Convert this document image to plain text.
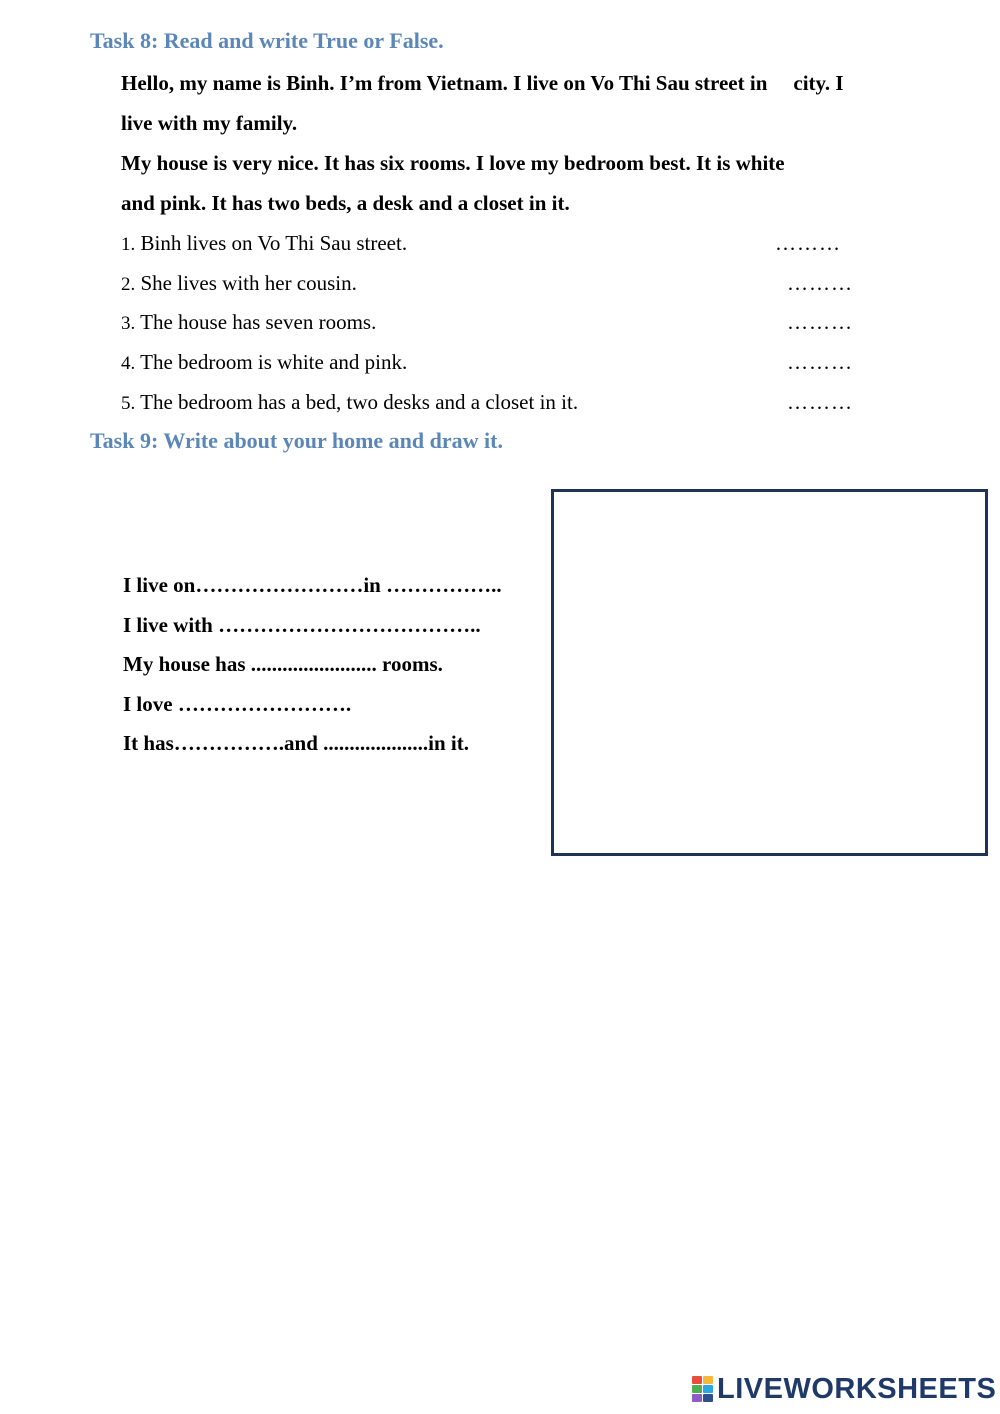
Task 8: Read and write True or False.
Hello, my name is Binh. I’m from Vietnam. I live on Vo Thi Sau street in city. I
live with my family.
My house is very nice. It has six rooms. I love my bedroom best. It is white
and pink. It has two beds, a desk and a closet in it.
1. Binh lives on Vo Thi Sau street.	………
2. She lives with her cousin.	………
3. The house has seven rooms.	………
4. The bedroom is white and pink.	………
5. The bedroom has a bed, two desks and a closet in it.	………
Task 9: Write about your home and draw it.
I live on……………………in ……………..
I live with ………………………………..
My house has ........................ rooms.
I love …………………….
It has…………….and ....................in it.
LIVEWORKSHEETS
